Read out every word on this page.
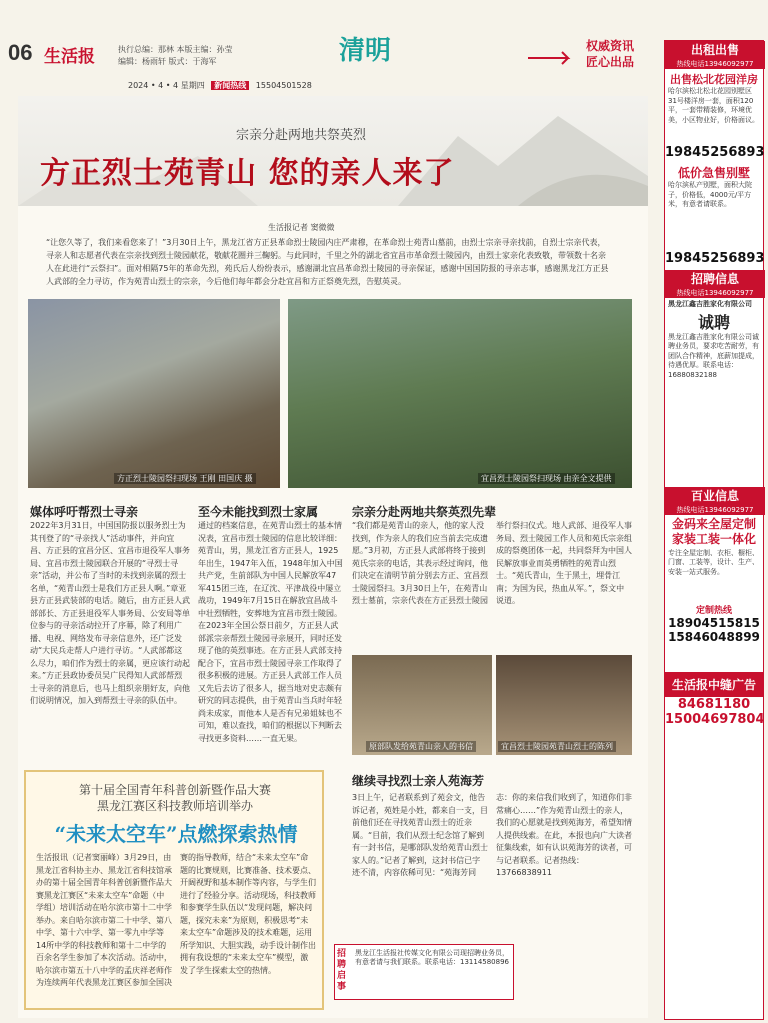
06 生活报	执行总编：那林 本版主编：孙莹
编辑：杨雨轩 版式：于海军	清明	权威资讯
匠心出品
2024 • 4 • 4 星期四 新闻热线 15504501528
宗亲分赴两地共祭英烈
方正烈士苑青山 您的亲人来了
生活报记者 窦微微
“让您久等了，我们来看您来了！”3月30日上午，黑龙江省方正县革命烈士陵园内庄严肃穆，在革命烈士苑青山墓前，由烈士宗亲寻亲找前，自烈士宗亲代表，寻亲人和志愿者代表在宗亲找到烈士陵园献花，敬献花圈并三鞠躬。与此同时，千里之外的湖北省宜昌市革命烈士陵园内，由烈士家亲化表致敬，带领数十名亲人在此进行“云祭扫”。面对相隔75年的革命先烈，苑氏后人纷纷表示，感谢湖北宜昌革命烈士陵园的寻亲保证，感谢中国国防报的寻亲志事，感谢黑龙江方正县人武部的全力寻访，作为苑青山烈士的宗亲，今后他们每年都会分赴宜昌和方正祭奠先烈，告慰英灵。
方正烈士陵园祭扫现场 王刚 田国庆 摄	宜昌烈士陵园祭扫现场 由亲全文提供
媒体呼吁帮烈士寻亲
2022年3月31日，中国国防报以服务烈士为其刊登了的“寻亲找人”活动事件，并向宜昌、方正县的宜昌分区、宜昌市退役军人事务局、宜昌市烈士陵园联合开展的“寻烈士寻亲”活动，并公布了当时的未找到亲属的烈士名单，“苑青山烈士是我们方正县人啊。”章亚县方正县武装部的电话。随后，由方正县人武部部长、方正县退役军人事务局、公安局等单位参与的寻亲活动拉开了序幕，除了利用广播、电视、网络发布寻亲信息外，还广泛发动“大民兵走帮人户进行寻访。“人武部都这么尽力，咱们作为烈士的亲属，更应该行动起来。”方正县政协委员吴广民得知人武部帮烈士寻亲的消息后，也马上组织亲朋好友，向他们说明情况，加入到帮烈士寻亲的队伍中。
至今未能找到烈士家属
通过的档案信息，在苑青山烈士的基本情况表，宜昌市烈士陵园的信息比较详细：苑青山，男，黑龙江省方正县人，1925年出生，1947年入伍，1948年加入中国共产党，生前部队为中国人民解放军47军415团三连，在辽沈、平津战役中屡立战功，1949年7月15日在解放宜昌战斗中壮烈牺牲，安葬地为宜昌市烈士陵园。在2023年全国公祭日前夕，方正县人武部派宗亲帮烈士陵园寻亲展开，同时还发现了他的英烈事迹。在方正县人武部支持配合下，宜昌市烈士陵园寻亲工作取得了很多积极的进展。方正县人武部工作人员又先后去访了很多人，据当地对史志颇有研究的同志提供，由于苑青山当兵时年轻尚未成家，而他本人是否有兄弟姐妹也不可知，难以查找，咱们的根据以下判断去寻找更多资料……一直无果。
宗亲分赴两地共祭英烈先辈
“我们都是苑青山的亲人，他的家人没找到，作为亲人的我们应当前去完成遗愿。”3月初，方正县人武部将终于接到苑氏宗亲的电话，其表示经过询问，他们决定在清明节前分别去方正、宜昌烈士陵园祭扫。3月30日上午，在苑青山烈士墓前，宗亲代表在方正县烈士陵园举行祭扫仪式。地人武部、退役军人事务局、烈士陵园工作人员和苑氏宗亲组成的祭奠团体一起，共同祭拜为中国人民解放事业而英勇牺牲的苑青山烈士。“苑氏青山，生于黑土，埋骨江南；为国为民，热血从军。”，祭文中说道。
原部队发给苑青山亲人的书信	宜昌烈士陵园苑青山烈士的陈列
继续寻找烈士亲人苑海芳
3日上午，记者联系到了苑会文，他告诉记者，苑姓是小姓，都来自一支，目前他们还在寻找苑青山烈士的近亲属。“目前，我们从烈士纪念馆了解到有一封书信，是哪部队发给苑青山烈士家人的。”记者了解到，这封书信已字迹不清，内容依稀可见：“苑海芳同志：你的来信我们收到了，知道你们非常痛心……”作为苑青山烈士的亲人，我们的心愿就是找到苑海芳，希望知情人提供线索。在此，本报也向广大读者征集线索，如有认识苑海芳的读者，可与记者联系。记者热线：13766838911
第十届全国青年科普创新暨作品大赛
黑龙江赛区科技教师培训举办
“未来太空车”点燃探索热情
生活报讯（记者窦丽峰）3月29日，由黑龙江省科协主办、黑龙江省科技馆承办的第十届全国青年科普创新暨作品大赛黑龙江赛区“未来太空车”命题（中学组）培训活动在哈尔滨市第十二中学举办。来自哈尔滨市第二十中学、第八中学、第十六中学、第一零九中学等14所中学的科技教师和第十二中学的百余名学生参加了本次活动。活动中，哈尔滨市第五十八中学的孟庆祥老师作为连续两年代表黑龙江赛区参加全国决赛的指导教师，结合“未来太空车”命题的比赛规则，比赛准备、技术要点、开阔视野和基本制作等内容，与学生们进行了经验分享。活动现场，科技教师和参赛学生队伍以“发现问题，解决问题，探究未来”为原则，积极思考“未来太空车”命题涉及的技术难题，运用所学知识、大胆实践，动手设计制作出拥有我设想的“未来太空车”模型，激发了学生探索太空的热情。
招聘启事
黑龙江生活报社传媒文化有限公司现招聘业务员，有意者请与我们联系。联系电话：13114580896
出租出售
热线电话13946092977
出售松北花园洋房
哈尔滨松北松北花园别墅区31号楼洋房一套，面积120平，一套带精装修，环境优美，小区物业好，价格面议。
19845256893
低价急售别墅
哈尔滨私产别墅，面积大院子，价格低，4000元/平方米，有意者请联系。
19845256893
招聘信息
热线电话13946092977
黑龙江鑫吉胜家化有限公司
诚聘
黑龙江鑫吉胜家化有限公司诚聘业务员，要求吃苦耐劳，有团队合作精神，底薪加提成，待遇优厚。联系电话：16880832188
百业信息
热线电话13946092977
金码来全屋定制家装工装一体化
专注全屋定制、衣柜、橱柜、门窗、工装等，设计、生产、安装一站式服务。
定制热线
18904515815
15846048899
生活报中缝广告
84681180
15004697804
